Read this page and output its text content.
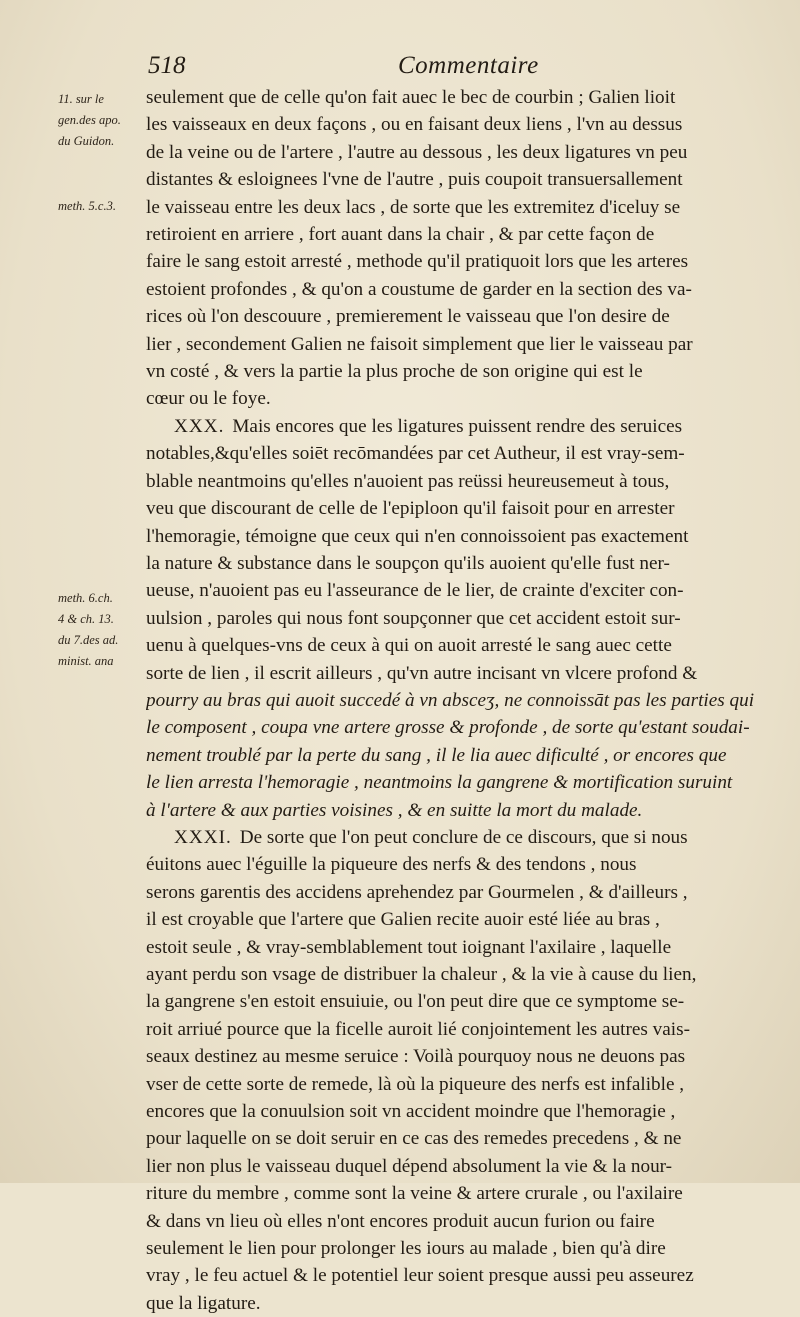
518	Commentaire
11. sur le
gen.des apo.
du Guidon.
meth. 5.c.3.
meth. 6.ch.
4 & ch. 13.
du 7.des ad.
minist. ana

seulement que de celle qu'on fait auec le bec de courbin ; Galien lioit
les vaisseaux en deux façons , ou en faisant deux liens , l'vn au dessus
de la veine ou de l'artere , l'autre au dessous , les deux ligatures vn peu
distantes & esloignees l'vne de l'autre , puis coupoit transuersallement
le vaisseau entre les deux lacs , de sorte que les extremitez d'iceluy se
retiroient en arriere , fort auant dans la chair , & par cette façon de
faire le sang estoit arresté , methode qu'il pratiquoit lors que les arteres
estoient profondes , & qu'on a coustume de garder en la section des va-
rices où l'on descouure , premierement le vaisseau que l'on desire de
lier , secondement Galien ne faisoit simplement que lier le vaisseau par
vn costé , & vers la partie la plus proche de son origine qui est le
cœur ou le foye.

XXX. Mais encores que les ligatures puissent rendre des seruices
notables,&qu'elles soiēt recōmandées par cet Autheur, il est vray-sem-
blable neantmoins qu'elles n'auoient pas reüssi heureusemeut à tous,
veu que discourant de celle de l'epiploon qu'il faisoit pour en arrester
l'hemoragie, témoigne que ceux qui n'en connoissoient pas exactement
la nature & substance dans le soupçon qu'ils auoient qu'elle fust ner-
ueuse, n'auoient pas eu l'asseurance de le lier, de crainte d'exciter con-
uulsion , paroles qui nous font soupçonner que cet accident estoit sur-
uenu à quelques-vns de ceux à qui on auoit arresté le sang auec cette
sorte de lien , il escrit ailleurs , qu'vn autre incisant vn vlcere profond &
pourry au bras qui auoit succedé à vn absceʒ, ne connoissāt pas les parties qui
le composent , coupa vne artere grosse & profonde , de sorte qu'estant soudai-
nement troublé par la perte du sang , il le lia auec dificulté , or encores que
le lien arresta l'hemoragie , neantmoins la gangrene & mortification suruint
à l'artere & aux parties voisines , & en suitte la mort du malade.

XXXI. De sorte que l'on peut conclure de ce discours, que si nous
éuitons auec l'éguille la piqueure des nerfs & des tendons , nous
serons garentis des accidens aprehendez par Gourmelen , & d'ailleurs ,
il est croyable que l'artere que Galien recite auoir esté liée au bras ,
estoit seule , & vray-semblablement tout ioignant l'axilaire , laquelle
ayant perdu son vsage de distribuer la chaleur , & la vie à cause du lien,
la gangrene s'en estoit ensuiuie, ou l'on peut dire que ce symptome se-
roit arriué pource que la ficelle auroit lié conjointement les autres vais-
seaux destinez au mesme seruice : Voilà pourquoy nous ne deuons pas
vser de cette sorte de remede, là où la piqueure des nerfs est infalible ,
encores que la conuulsion soit vn accident moindre que l'hemoragie ,
pour laquelle on se doit seruir en ce cas des remedes precedens , & ne
lier non plus le vaisseau duquel dépend absolument la vie & la nour-
riture du membre , comme sont la veine & artere crurale , ou l'axilaire
& dans vn lieu où elles n'ont encores produit aucun furion ou faire
seulement le lien pour prolonger les iours au malade , bien qu'à dire
vray , le feu actuel & le potentiel leur soient presque aussi peu asseurez
que la ligature.
